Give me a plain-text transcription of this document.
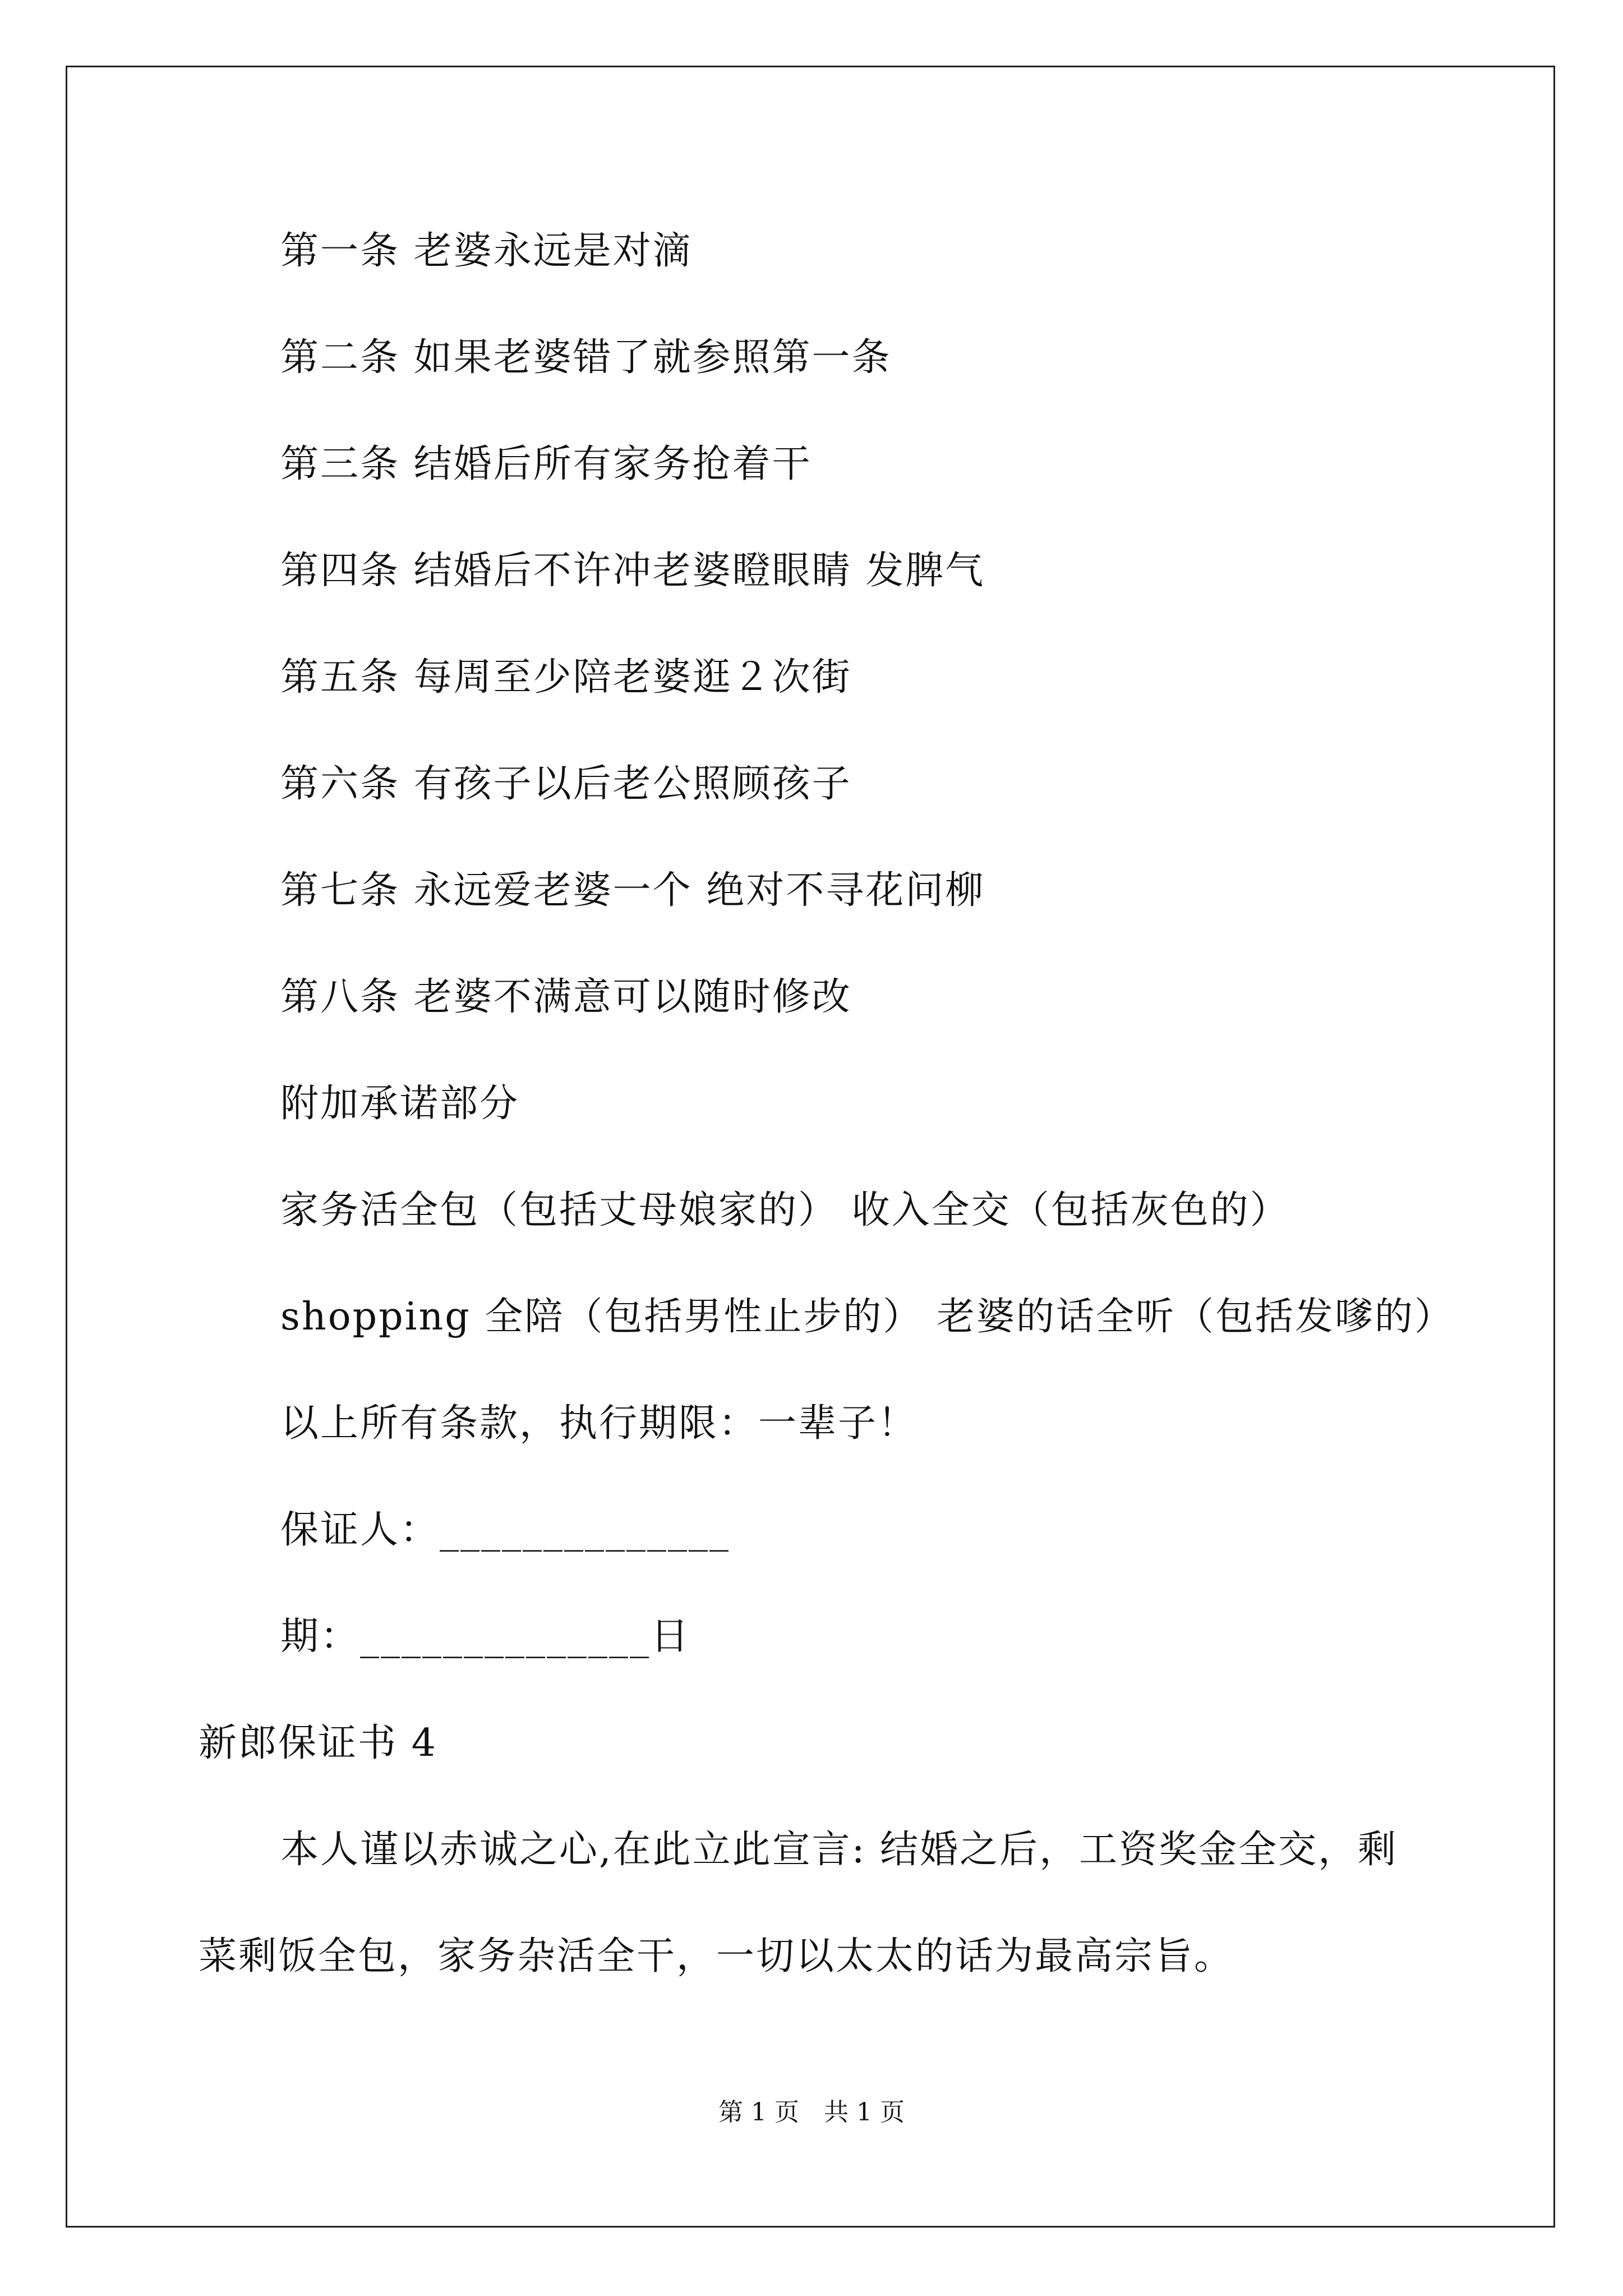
第一条 老婆永远是对滴
第二条 如果老婆错了就参照第一条
第三条 结婚后所有家务抢着干
第四条 结婚后不许冲老婆瞪眼睛 发脾气
第五条 每周至少陪老婆逛２次街
第六条 有孩子以后老公照顾孩子
第七条 永远爱老婆一个 绝对不寻花问柳
第八条 老婆不满意可以随时修改
附加承诺部分
家务活全包（包括丈母娘家的） 收入全交（包括灰色的）
shopping 全陪（包括男性止步的） 老婆的话全听（包括发嗲的）
以上所有条款，执行期限：一辈子！
保证人：______________
期：______________日
新郎保证书 4
本人谨以赤诚之心,在此立此宣言: 结婚之后，工资奖金全交，剩
菜剩饭全包，家务杂活全干，一切以太太的话为最高宗旨。
第 1 页　共 1 页
